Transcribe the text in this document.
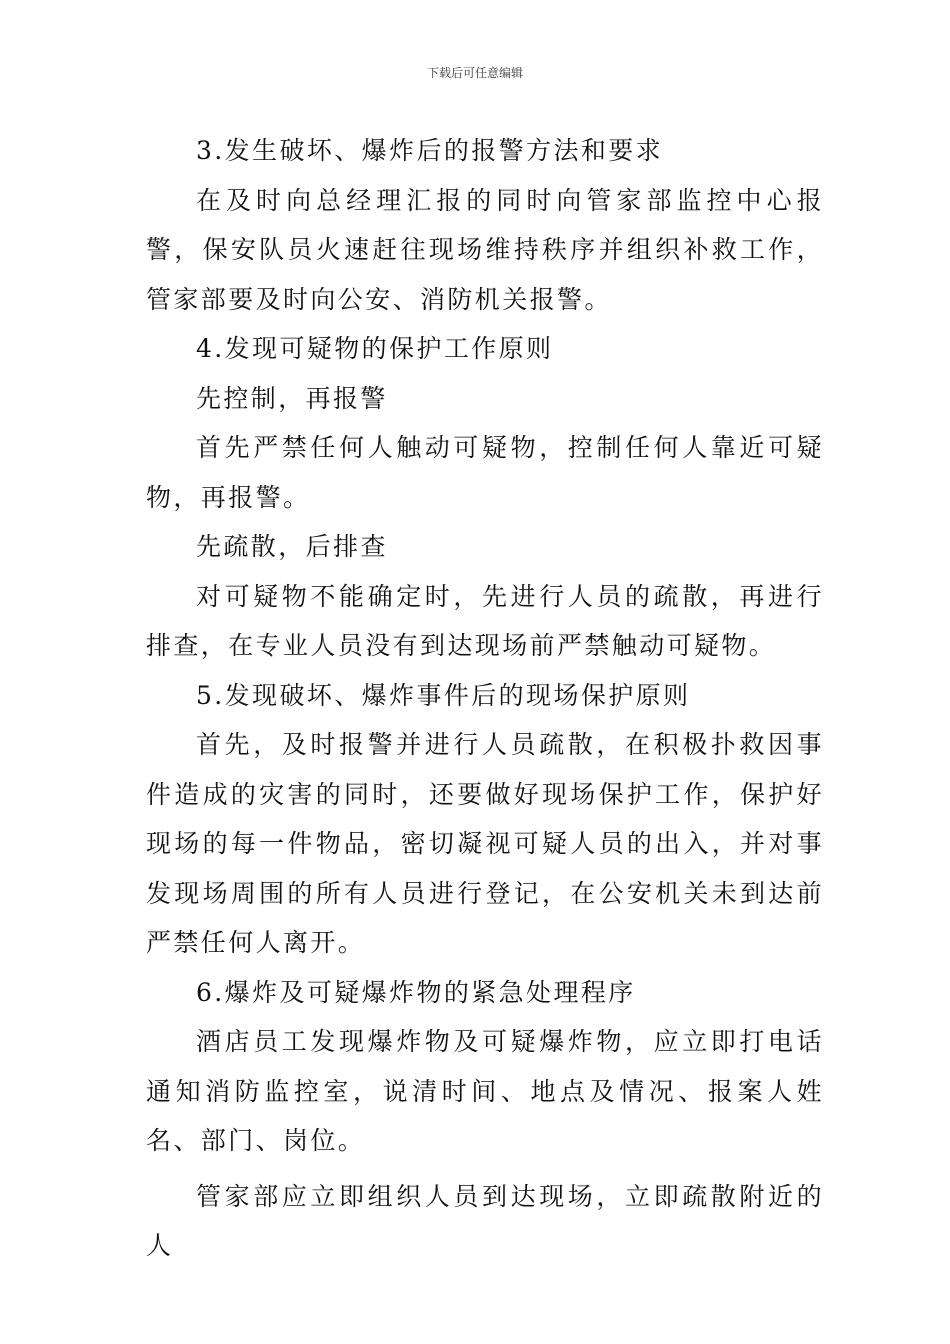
下载后可任意编辑

3.发生破坏、爆炸后的报警方法和要求

在及时向总经理汇报的同时向管家部监控中心报警，保安队员火速赶往现场维持秩序并组织补救工作，管家部要及时向公安、消防机关报警。

4.发现可疑物的保护工作原则

先控制，再报警

首先严禁任何人触动可疑物，控制任何人靠近可疑物，再报警。

先疏散，后排查

对可疑物不能确定时，先进行人员的疏散，再进行排查，在专业人员没有到达现场前严禁触动可疑物。

5.发现破坏、爆炸事件后的现场保护原则

首先，及时报警并进行人员疏散，在积极扑救因事件造成的灾害的同时，还要做好现场保护工作，保护好现场的每一件物品，密切凝视可疑人员的出入，并对事发现场周围的所有人员进行登记，在公安机关未到达前严禁任何人离开。

6.爆炸及可疑爆炸物的紧急处理程序

酒店员工发现爆炸物及可疑爆炸物，应立即打电话通知消防监控室，说清时间、地点及情况、报案人姓名、部门、岗位。

管家部应立即组织人员到达现场，立即疏散附近的人
